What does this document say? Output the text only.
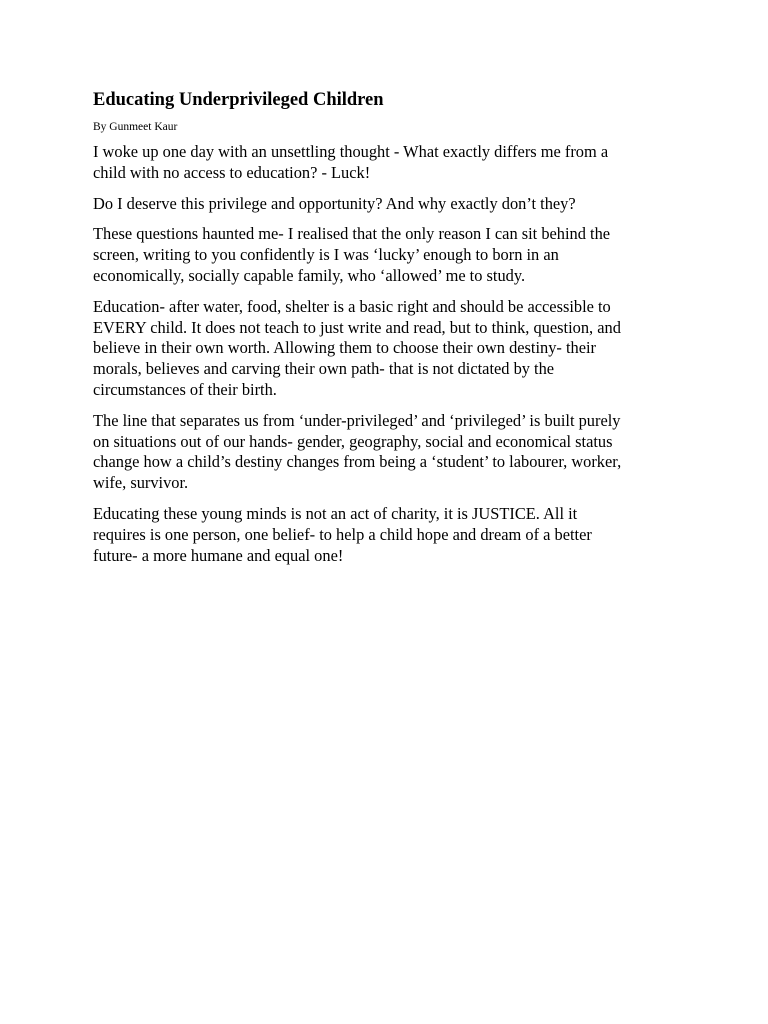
Educating Underprivileged Children
By Gunmeet Kaur

I woke up one day with an unsettling thought - What exactly differs me from a
child with no access to education? - Luck!

Do I deserve this privilege and opportunity? And why exactly don’t they?

These questions haunted me- I realised that the only reason I can sit behind the
screen, writing to you confidently is I was ‘lucky’ enough to born in an
economically, socially capable family, who ‘allowed’ me to study.

Education- after water, food, shelter is a basic right and should be accessible to
EVERY child. It does not teach to just write and read, but to think, question, and
believe in their own worth. Allowing them to choose their own destiny- their
morals, believes and carving their own path- that is not dictated by the
circumstances of their birth.

The line that separates us from ‘under-privileged’ and ‘privileged’ is built purely
on situations out of our hands- gender, geography, social and economical status
change how a child’s destiny changes from being a ‘student’ to labourer, worker,
wife, survivor.

Educating these young minds is not an act of charity, it is JUSTICE. All it
requires is one person, one belief- to help a child hope and dream of a better
future- a more humane and equal one!
